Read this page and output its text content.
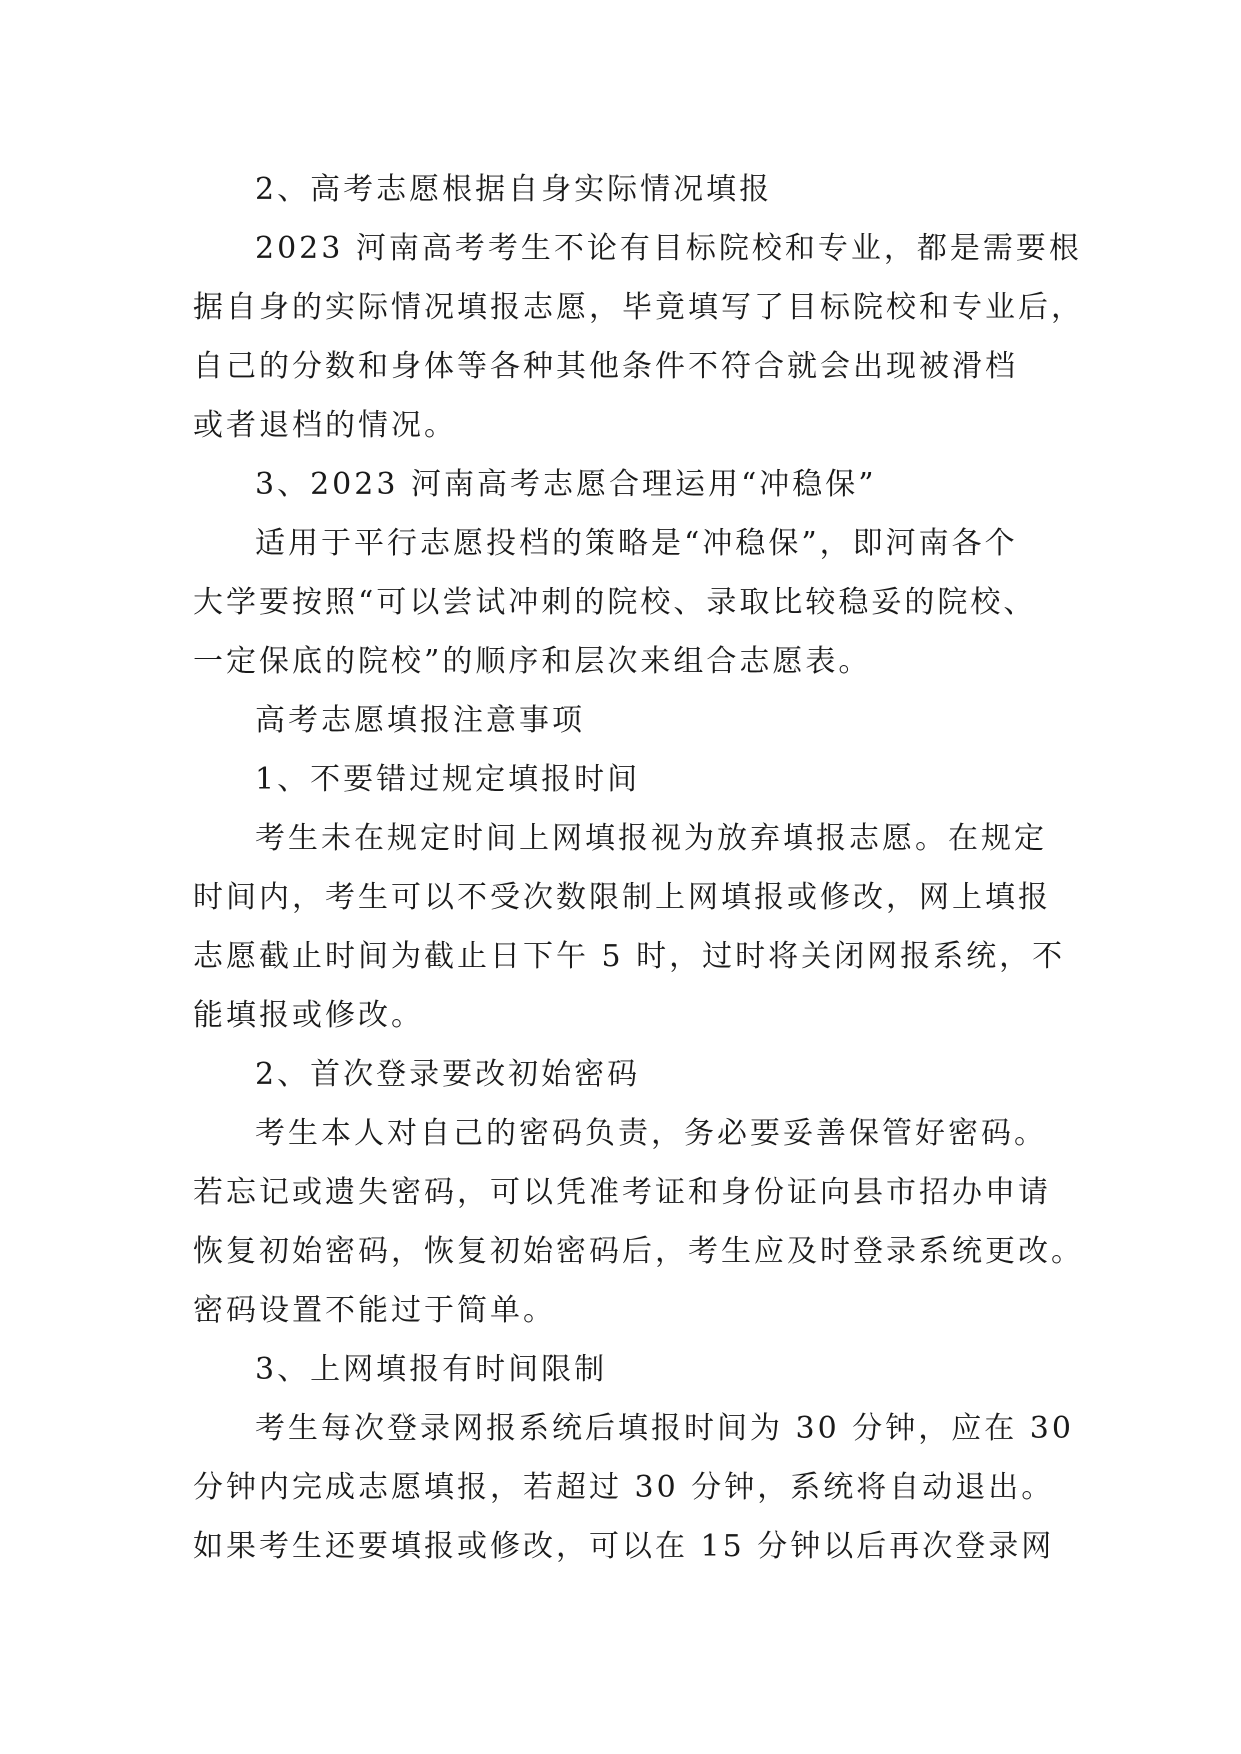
2、高考志愿根据自身实际情况填报

2023 河南高考考生不论有目标院校和专业，都是需要根
据自身的实际情况填报志愿，毕竟填写了目标院校和专业后，
自己的分数和身体等各种其他条件不符合就会出现被滑档
或者退档的情况。

3、2023 河南高考志愿合理运用“冲稳保”

适用于平行志愿投档的策略是“冲稳保”，即河南各个
大学要按照“可以尝试冲刺的院校、录取比较稳妥的院校、
一定保底的院校”的顺序和层次来组合志愿表。

高考志愿填报注意事项

1、不要错过规定填报时间

考生未在规定时间上网填报视为放弃填报志愿。在规定
时间内，考生可以不受次数限制上网填报或修改，网上填报
志愿截止时间为截止日下午 5 时，过时将关闭网报系统，不
能填报或修改。

2、首次登录要改初始密码

考生本人对自己的密码负责，务必要妥善保管好密码。
若忘记或遗失密码，可以凭准考证和身份证向县市招办申请
恢复初始密码，恢复初始密码后，考生应及时登录系统更改。
密码设置不能过于简单。

3、上网填报有时间限制

考生每次登录网报系统后填报时间为 30 分钟，应在 30
分钟内完成志愿填报，若超过 30 分钟，系统将自动退出。
如果考生还要填报或修改，可以在 15 分钟以后再次登录网
